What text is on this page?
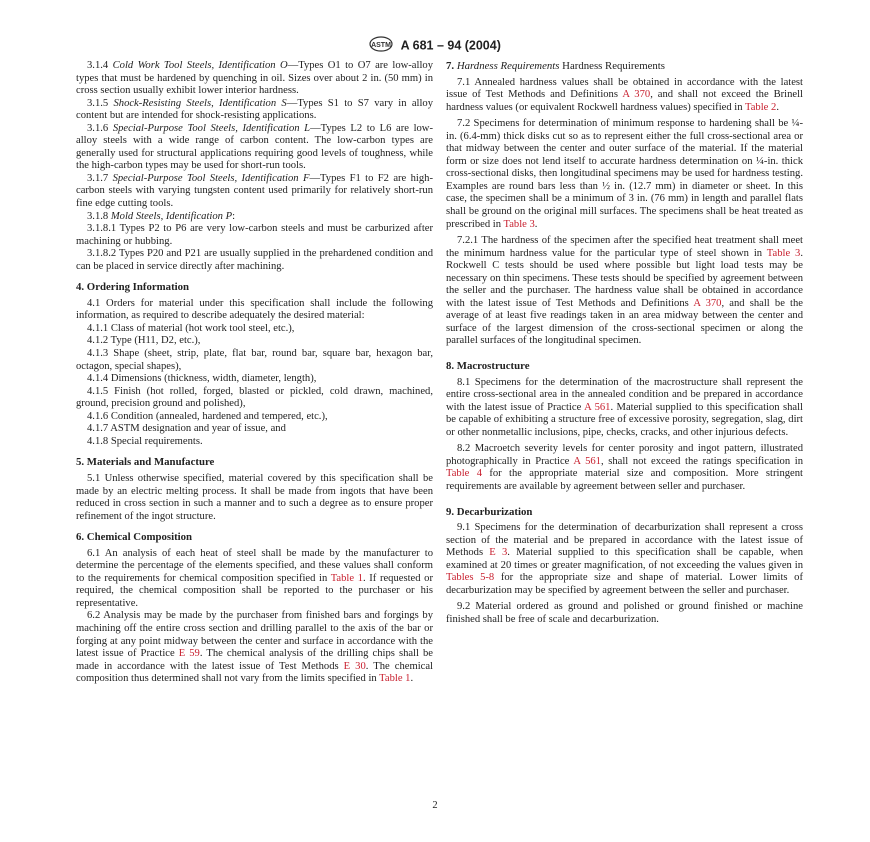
ASTM A 681 – 94 (2004)

3.1.4 Cold Work Tool Steels, Identification O—Types O1 to O7 are low-alloy types that must be hardened by quenching in oil. Sizes over about 2 in. (50 mm) in cross section usually exhibit lower interior hardness.

3.1.5 Shock-Resisting Steels, Identification S—Types S1 to S7 vary in alloy content but are intended for shock-resisting applications.

3.1.6 Special-Purpose Tool Steels, Identification L—Types L2 to L6 are low-alloy steels with a wide range of carbon content. The low-carbon types are generally used for structural applications requiring good levels of toughness, while the high-carbon types may be used for short-run tools.

3.1.7 Special-Purpose Tool Steels, Identification F—Types F1 to F2 are high-carbon steels with varying tungsten content used primarily for relatively short-run fine edge cutting tools.

3.1.8 Mold Steels, Identification P:

3.1.8.1 Types P2 to P6 are very low-carbon steels and must be carburized after machining or hubbing.

3.1.8.2 Types P20 and P21 are usually supplied in the prehardened condition and can be placed in service directly after machining.

4. Ordering Information

4.1 Orders for material under this specification shall include the following information, as required to describe adequately the desired material:

4.1.1 Class of material (hot work tool steel, etc.),

4.1.2 Type (H11, D2, etc.),

4.1.3 Shape (sheet, strip, plate, flat bar, round bar, square bar, hexagon bar, octagon, special shapes),

4.1.4 Dimensions (thickness, width, diameter, length),

4.1.5 Finish (hot rolled, forged, blasted or pickled, cold drawn, machined, ground, precision ground and polished),

4.1.6 Condition (annealed, hardened and tempered, etc.),

4.1.7 ASTM designation and year of issue, and

4.1.8 Special requirements.

5. Materials and Manufacture

5.1 Unless otherwise specified, material covered by this specification shall be made by an electric melting process. It shall be made from ingots that have been reduced in cross section in such a manner and to such a degree as to ensure proper refinement of the ingot structure.

6. Chemical Composition

6.1 An analysis of each heat of steel shall be made by the manufacturer to determine the percentage of the elements specified, and these values shall conform to the requirements for chemical composition specified in Table 1. If requested or required, the chemical composition shall be reported to the purchaser or his representative.

6.2 Analysis may be made by the purchaser from finished bars and forgings by machining off the entire cross section and drilling parallel to the axis of the bar or forging at any point midway between the center and surface in accordance with the latest issue of Practice E 59. The chemical analysis of the drilling chips shall be made in accordance with the latest issue of Test Methods E 30. The chemical composition thus determined shall not vary from the limits specified in Table 1.

7. Hardness Requirements Hardness Requirements

7.1 Annealed hardness values shall be obtained in accordance with the latest issue of Test Methods and Definitions A 370, and shall not exceed the Brinell hardness values (or equivalent Rockwell hardness values) specified in Table 2.

7.2 Specimens for determination of minimum response to hardening shall be ¼-in. (6.4-mm) thick disks cut so as to represent either the full cross-sectional area or that midway between the center and outer surface of the material. If the material form or size does not lend itself to accurate hardness determination on ¼-in. thick cross-sectional disks, then longitudinal specimens may be used for hardness testing. Examples are round bars less than ½ in. (12.7 mm) in diameter or sheet. In this case, the specimen shall be a minimum of 3 in. (76 mm) in length and parallel flats shall be ground on the original mill surfaces. The specimens shall be heat treated as prescribed in Table 3.

7.2.1 The hardness of the specimen after the specified heat treatment shall meet the minimum hardness value for the particular type of steel shown in Table 3. Rockwell C tests should be used where possible but light load tests may be necessary on thin specimens. These tests should be specified by agreement between the seller and the purchaser. The hardness value shall be obtained in accordance with the latest issue of Test Methods and Definitions A 370, and shall be the average of at least five readings taken in an area midway between the center and surface of the largest dimension of the cross-sectional specimen or along the parallel surfaces of the longitudinal specimen.

8. Macrostructure

8.1 Specimens for the determination of the macrostructure shall represent the entire cross-sectional area in the annealed condition and be prepared in accordance with the latest issue of Practice A 561. Material supplied to this specification shall be capable of exhibiting a structure free of excessive porosity, segregation, slag, dirt or other nonmetallic inclusions, pipe, checks, cracks, and other injurious defects.

8.2 Macroetch severity levels for center porosity and ingot pattern, illustrated photographically in Practice A 561, shall not exceed the ratings specification in Table 4 for the appropriate material size and composition. More stringent requirements are available by agreement between seller and purchaser.

9. Decarburization

9.1 Specimens for the determination of decarburization shall represent a cross section of the material and be prepared in accordance with the latest issue of Methods E 3. Material supplied to this specification shall be capable, when examined at 20 times or greater magnification, of not exceeding the values given in Tables 5-8 for the appropriate size and shape of material. Lower limits of decarburization may be specified by agreement between the seller and purchaser.

9.2 Material ordered as ground and polished or ground finished or machine finished shall be free of scale and decarburization.

2
